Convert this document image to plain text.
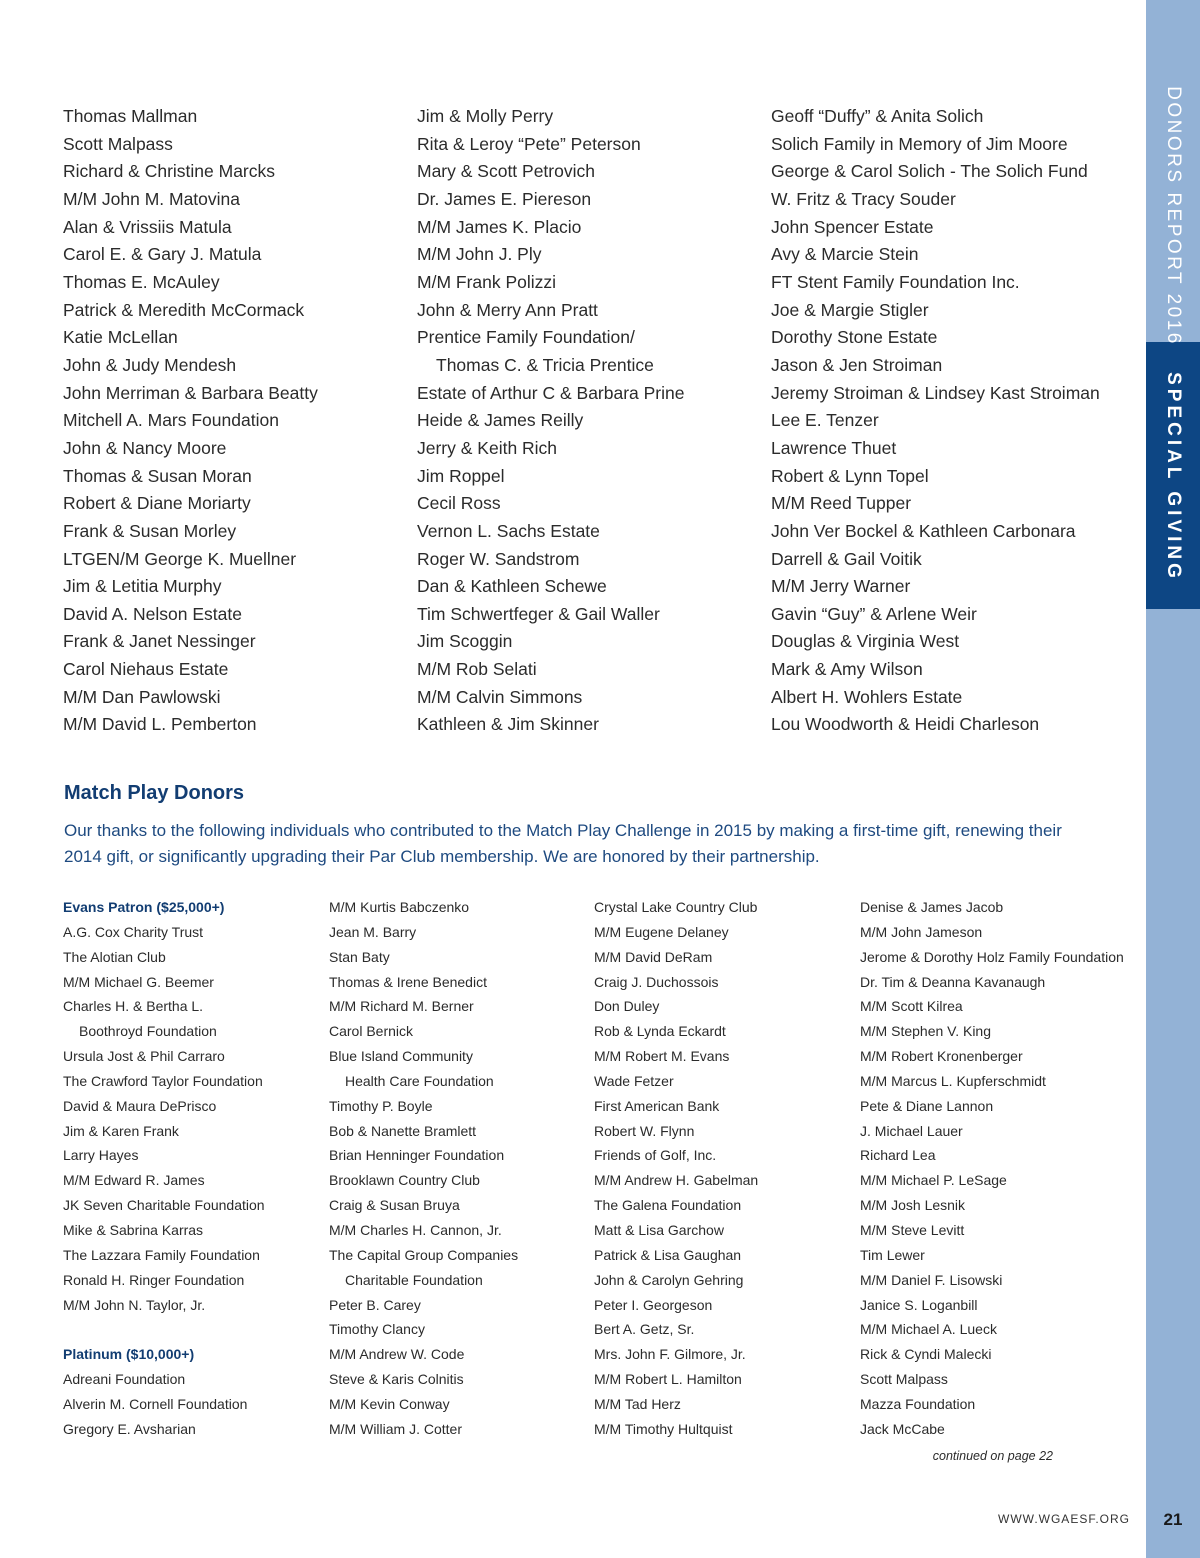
DONORS REPORT 2016
SPECIAL GIVING
Thomas Mallman
Scott Malpass
Richard & Christine Marcks
M/M John M. Matovina
Alan & Vrissiis Matula
Carol E. & Gary J. Matula
Thomas E. McAuley
Patrick & Meredith McCormack
Katie McLellan
John & Judy Mendesh
John Merriman & Barbara Beatty
Mitchell A. Mars Foundation
John & Nancy Moore
Thomas & Susan Moran
Robert & Diane Moriarty
Frank & Susan Morley
LTGEN/M George K. Muellner
Jim & Letitia Murphy
David A. Nelson Estate
Frank & Janet Nessinger
Carol Niehaus Estate
M/M Dan Pawlowski
M/M David L. Pemberton
Jim & Molly Perry
Rita & Leroy “Pete” Peterson
Mary & Scott Petrovich
Dr. James E. Piereson
M/M James K. Placio
M/M John J. Ply
M/M Frank Polizzi
John & Merry Ann Pratt
Prentice Family Foundation/
Thomas C. & Tricia Prentice
Estate of Arthur C & Barbara Prine
Heide & James Reilly
Jerry & Keith Rich
Jim Roppel
Cecil Ross
Vernon L. Sachs Estate
Roger W. Sandstrom
Dan & Kathleen Schewe
Tim Schwertfeger & Gail Waller
Jim Scoggin
M/M Rob Selati
M/M Calvin Simmons
Kathleen & Jim Skinner
Geoff “Duffy” & Anita Solich
Solich Family in Memory of Jim Moore
George & Carol Solich - The Solich Fund
W. Fritz & Tracy Souder
John Spencer Estate
Avy & Marcie Stein
FT Stent Family Foundation Inc.
Joe & Margie Stigler
Dorothy Stone Estate
Jason & Jen Stroiman
Jeremy Stroiman & Lindsey Kast Stroiman
Lee E. Tenzer
Lawrence Thuet
Robert & Lynn Topel
M/M Reed Tupper
John Ver Bockel & Kathleen Carbonara
Darrell & Gail Voitik
M/M Jerry Warner
Gavin “Guy” & Arlene Weir
Douglas & Virginia West
Mark & Amy Wilson
Albert H. Wohlers Estate
Lou Woodworth & Heidi Charleson
Match Play Donors

Our thanks to the following individuals who contributed to the Match Play Challenge in 2015 by making a first-time gift, renewing their 2014 gift, or significantly upgrading their Par Club membership. We are honored by their partnership.

Evans Patron ($25,000+)
A.G. Cox Charity Trust
The Alotian Club
M/M Michael G. Beemer
Charles H. & Bertha L.
Boothroyd Foundation
Ursula Jost & Phil Carraro
The Crawford Taylor Foundation
David & Maura DePrisco
Jim & Karen Frank
Larry Hayes
M/M Edward R. James
JK Seven Charitable Foundation
Mike & Sabrina Karras
The Lazzara Family Foundation
Ronald H. Ringer Foundation
M/M John N. Taylor, Jr.
Platinum ($10,000+)
Adreani Foundation
Alverin M. Cornell Foundation
Gregory E. Avsharian
M/M Kurtis Babczenko
Jean M. Barry
Stan Baty
Thomas & Irene Benedict
M/M Richard M. Berner
Carol Bernick
Blue Island Community
Health Care Foundation
Timothy P. Boyle
Bob & Nanette Bramlett
Brian Henninger Foundation
Brooklawn Country Club
Craig & Susan Bruya
M/M Charles H. Cannon, Jr.
The Capital Group Companies
Charitable Foundation
Peter B. Carey
Timothy Clancy
M/M Andrew W. Code
Steve & Karis Colnitis
M/M Kevin Conway
M/M William J. Cotter
Crystal Lake Country Club
M/M Eugene Delaney
M/M David DeRam
Craig J. Duchossois
Don Duley
Rob & Lynda Eckardt
M/M Robert M. Evans
Wade Fetzer
First American Bank
Robert W. Flynn
Friends of Golf, Inc.
M/M Andrew H. Gabelman
The Galena Foundation
Matt & Lisa Garchow
Patrick & Lisa Gaughan
John & Carolyn Gehring
Peter I. Georgeson
Bert A. Getz, Sr.
Mrs. John F. Gilmore, Jr.
M/M Robert L. Hamilton
M/M Tad Herz
M/M Timothy Hultquist
Denise & James Jacob
M/M John Jameson
Jerome & Dorothy Holz Family Foundation
Dr. Tim & Deanna Kavanaugh
M/M Scott Kilrea
M/M Stephen V. King
M/M Robert Kronenberger
M/M Marcus L. Kupferschmidt
Pete & Diane Lannon
J. Michael Lauer
Richard Lea
M/M Michael P. LeSage
M/M Josh Lesnik
M/M Steve Levitt
Tim Lewer
M/M Daniel F. Lisowski
Janice S. Loganbill
M/M Michael A. Lueck
Rick & Cyndi Malecki
Scott Malpass
Mazza Foundation
Jack McCabe
continued on page 22
WWW.WGAESF.ORG	21
